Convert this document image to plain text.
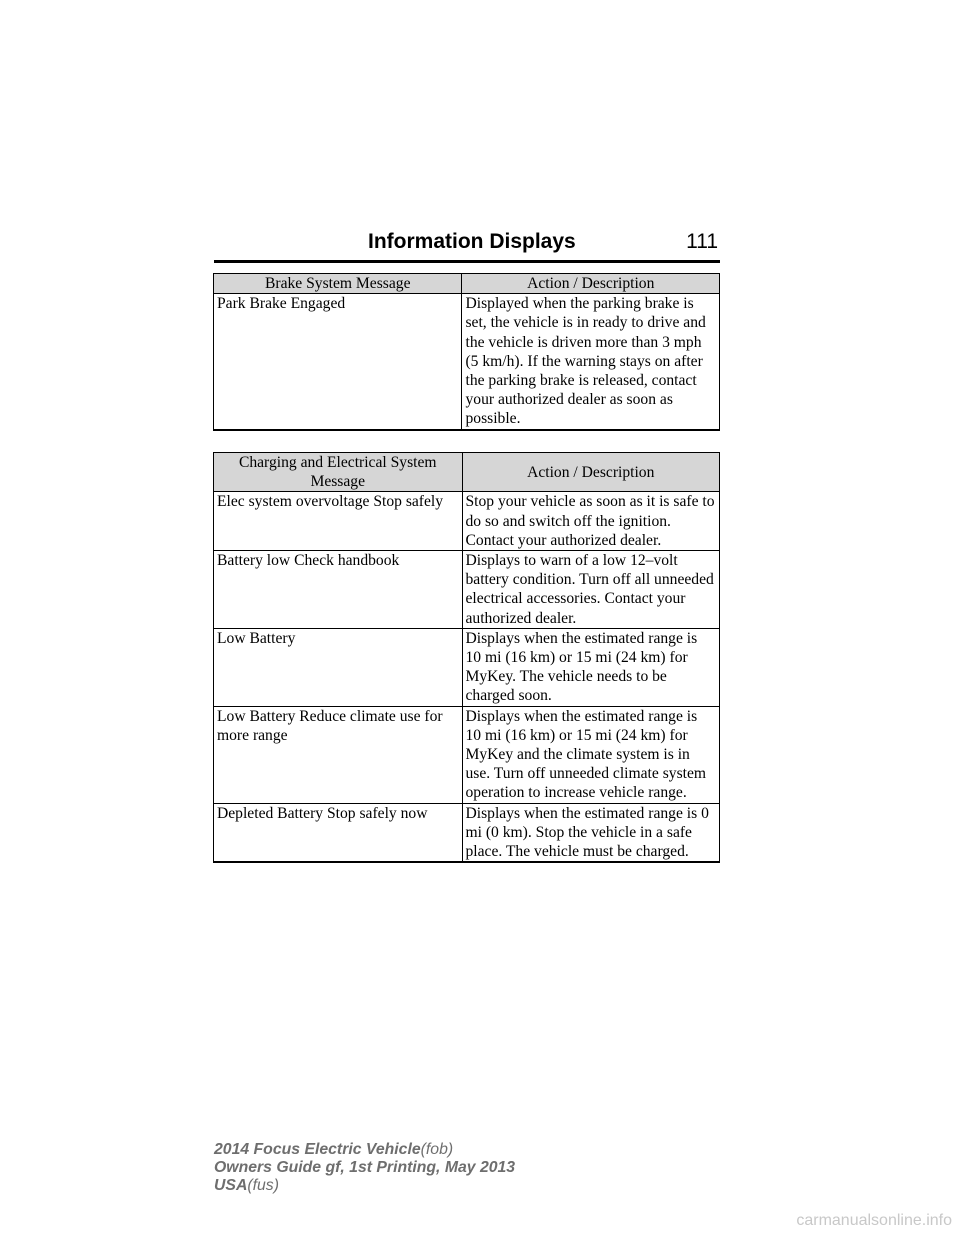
Information Displays	111
Brake System Message	Action / Description
Park Brake Engaged	Displayed when the parking brake is set, the vehicle is in ready to drive and the vehicle is driven more than 3 mph (5 km/h). If the warning stays on after the parking brake is released, contact your authorized dealer as soon as possible.
Charging and Electrical System Message	Action / Description
Elec system overvoltage Stop safely	Stop your vehicle as soon as it is safe to do so and switch off the ignition. Contact your authorized dealer.
Battery low Check handbook	Displays to warn of a low 12–volt battery condition. Turn off all unneeded electrical accessories. Contact your authorized dealer.
Low Battery	Displays when the estimated range is 10 mi (16 km) or 15 mi (24 km) for MyKey. The vehicle needs to be charged soon.
Low Battery Reduce climate use for more range	Displays when the estimated range is 10 mi (16 km) or 15 mi (24 km) for MyKey and the climate system is in use. Turn off unneeded climate system operation to increase vehicle range.
Depleted Battery Stop safely now	Displays when the estimated range is 0 mi (0 km). Stop the vehicle in a safe place. The vehicle must be charged.
2014 Focus Electric Vehicle(fob)
Owners Guide gf, 1st Printing, May 2013
USA(fus)
carmanualsonline.info
